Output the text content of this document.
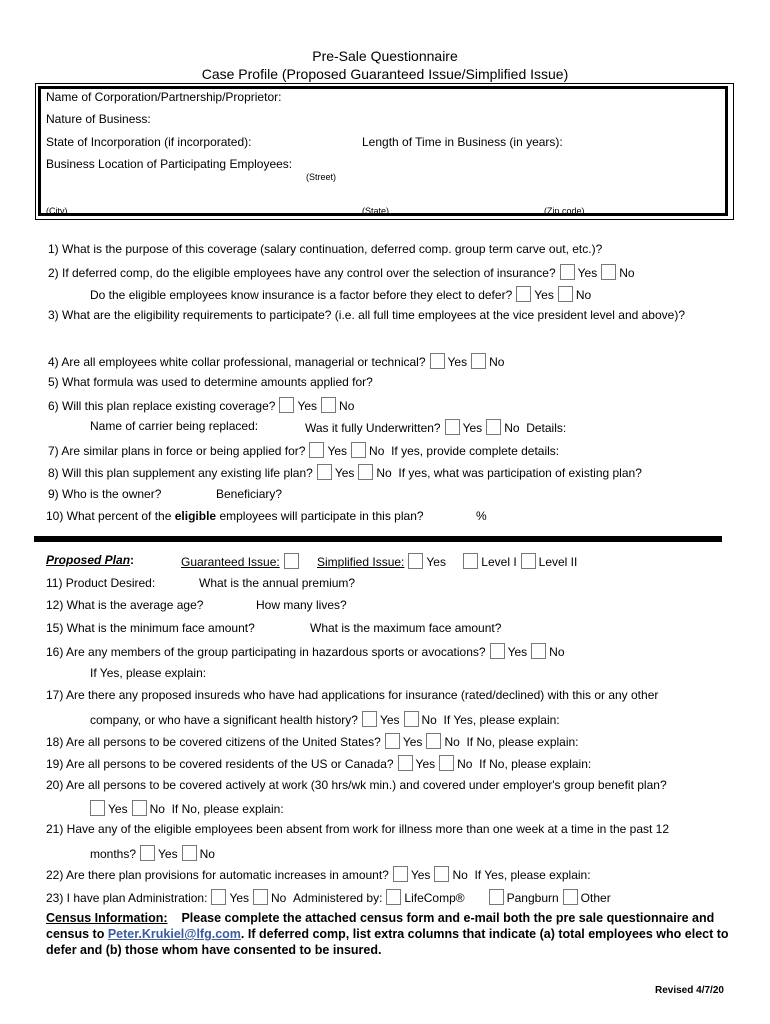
Pre-Sale Questionnaire
Case Profile (Proposed Guaranteed Issue/Simplified Issue)
Name of Corporation/Partnership/Proprietor:
Nature of Business:
State of Incorporation (if incorporated):	Length of Time in Business (in years):
Business Location of Participating Employees:
(Street)
(City)	(State)	(Zip code)
1) What is the purpose of this coverage (salary continuation, deferred comp. group term carve out, etc.)?
2) If deferred comp, do the eligible employees have any control over the selection of insurance? Yes No
Do the eligible employees know insurance is a factor before they elect to defer? Yes No
3) What are the eligibility requirements to participate? (i.e. all full time employees at the vice president level and above)?
4) Are all employees white collar professional, managerial or technical? Yes No
5) What formula was used to determine amounts applied for?
6) Will this plan replace existing coverage? Yes No
Name of carrier being replaced:	Was it fully Underwritten? Yes No Details:
7) Are similar plans in force or being applied for? Yes No If yes, provide complete details:
8) Will this plan supplement any existing life plan? Yes No If yes, what was participation of existing plan?
9) Who is the owner?	Beneficiary?
10) What percent of the eligible employees will participate in this plan?	%
Proposed Plan:	Guaranteed Issue:	Simplified Issue: Yes	Level I Level II
11) Product Desired:	What is the annual premium?
12) What is the average age?	How many lives?
15) What is the minimum face amount?	What is the maximum face amount?
16) Are any members of the group participating in hazardous sports or avocations? Yes No
If Yes, please explain:
17) Are there any proposed insureds who have had applications for insurance (rated/declined) with this or any other
company, or who have a significant health history? Yes No If Yes, please explain:
18) Are all persons to be covered citizens of the United States? Yes No If No, please explain:
19) Are all persons to be covered residents of the US or Canada? Yes No If No, please explain:
20) Are all persons to be covered actively at work (30 hrs/wk min.) and covered under employer's group benefit plan?
Yes No If No, please explain:
21) Have any of the eligible employees been absent from work for illness more than one week at a time in the past 12
months? Yes No
22) Are there plan provisions for automatic increases in amount? Yes No If Yes, please explain:
23) I have plan Administration: Yes No Administered by: LifeComp®	Pangburn Other
Census Information: Please complete the attached census form and e-mail both the pre sale questionnaire and census to Peter.Krukiel@lfg.com. If deferred comp, list extra columns that indicate (a) total employees who elect to defer and (b) those whom have consented to be insured.
Revised 4/7/20
